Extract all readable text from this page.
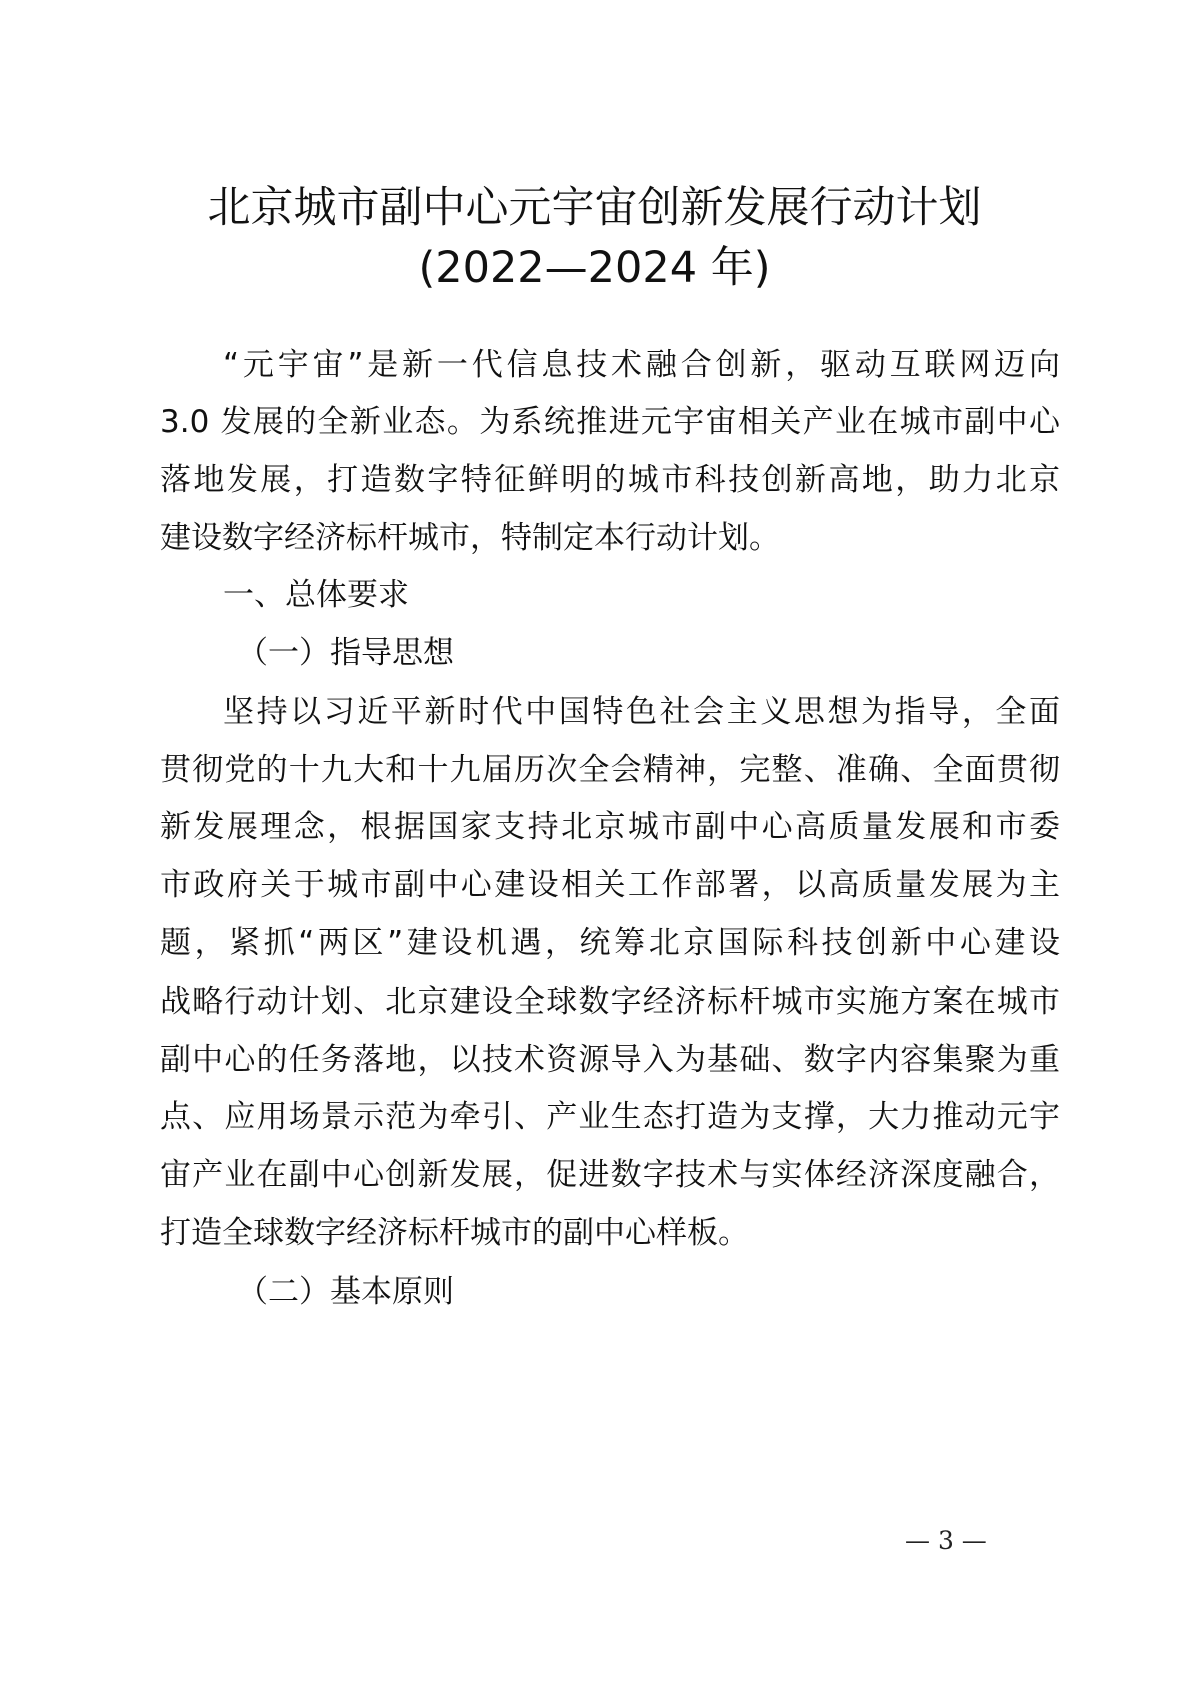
北京城市副中心元宇宙创新发展行动计划
(2022—2024 年)
“元宇宙”是新一代信息技术融合创新，驱动互联网迈向
3.0 发展的全新业态。为系统推进元宇宙相关产业在城市副中心
落地发展，打造数字特征鲜明的城市科技创新高地，助力北京
建设数字经济标杆城市，特制定本行动计划。
一、总体要求
（一）指导思想
坚持以习近平新时代中国特色社会主义思想为指导，全面
贯彻党的十九大和十九届历次全会精神，完整、准确、全面贯彻
新发展理念，根据国家支持北京城市副中心高质量发展和市委
市政府关于城市副中心建设相关工作部署，以高质量发展为主
题，紧抓“两区”建设机遇，统筹北京国际科技创新中心建设
战略行动计划、北京建设全球数字经济标杆城市实施方案在城市
副中心的任务落地，以技术资源导入为基础、数字内容集聚为重
点、应用场景示范为牵引、产业生态打造为支撑，大力推动元宇
宙产业在副中心创新发展，促进数字技术与实体经济深度融合，
打造全球数字经济标杆城市的副中心样板。
（二）基本原则
— 3 —
